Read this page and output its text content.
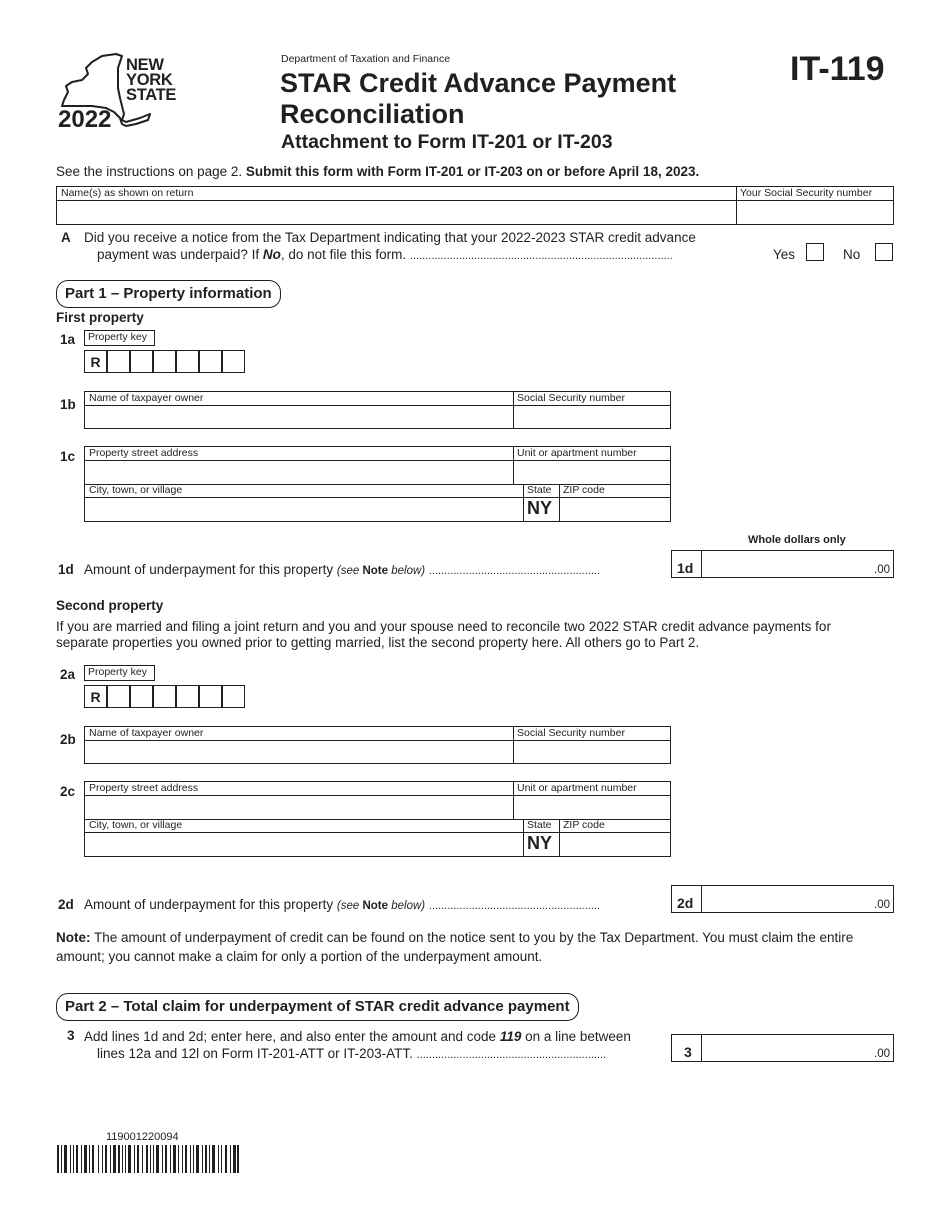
NEW
YORK
STATE
2022
Department of Taxation and Finance
STAR Credit Advance Payment
Reconciliation
Attachment to Form IT-201 or IT-203
IT-119
See the instructions on page 2. Submit this form with Form IT-201 or IT-203 on or before April 18, 2023.
Name(s) as shown on return	Your Social Security number
A Did you receive a notice from the Tax Department indicating that your 2022-2023 STAR credit advance
payment was underpaid? If No, do not file this form. ......................................................................................	Yes	No
Part 1 – Property information
First property
1a Property key
R
1b Name of taxpayer owner	Social Security number
1c Property street address	Unit or apartment number
City, town, or village	State ZIP code
NY
Whole dollars only
1d Amount of underpayment for this property (see Note below) ........................................................	1d	.00
Second property
If you are married and filing a joint return and you and your spouse need to reconcile two 2022 STAR credit advance payments for
separate properties you owned prior to getting married, list the second property here. All others go to Part 2.
2a Property key
R
2b Name of taxpayer owner	Social Security number
2c Property street address	Unit or apartment number
City, town, or village	State ZIP code
NY
2d Amount of underpayment for this property (see Note below) ........................................................	2d	.00
Note: The amount of underpayment of credit can be found on the notice sent to you by the Tax Department. You must claim the entire
amount; you cannot make a claim for only a portion of the underpayment amount.
Part 2 – Total claim for underpayment of STAR credit advance payment
3 Add lines 1d and 2d; enter here, and also enter the amount and code 119 on a line between
lines 12a and 12l on Form IT-201-ATT or IT-203-ATT. ..............................................................	3	.00
119001220094
